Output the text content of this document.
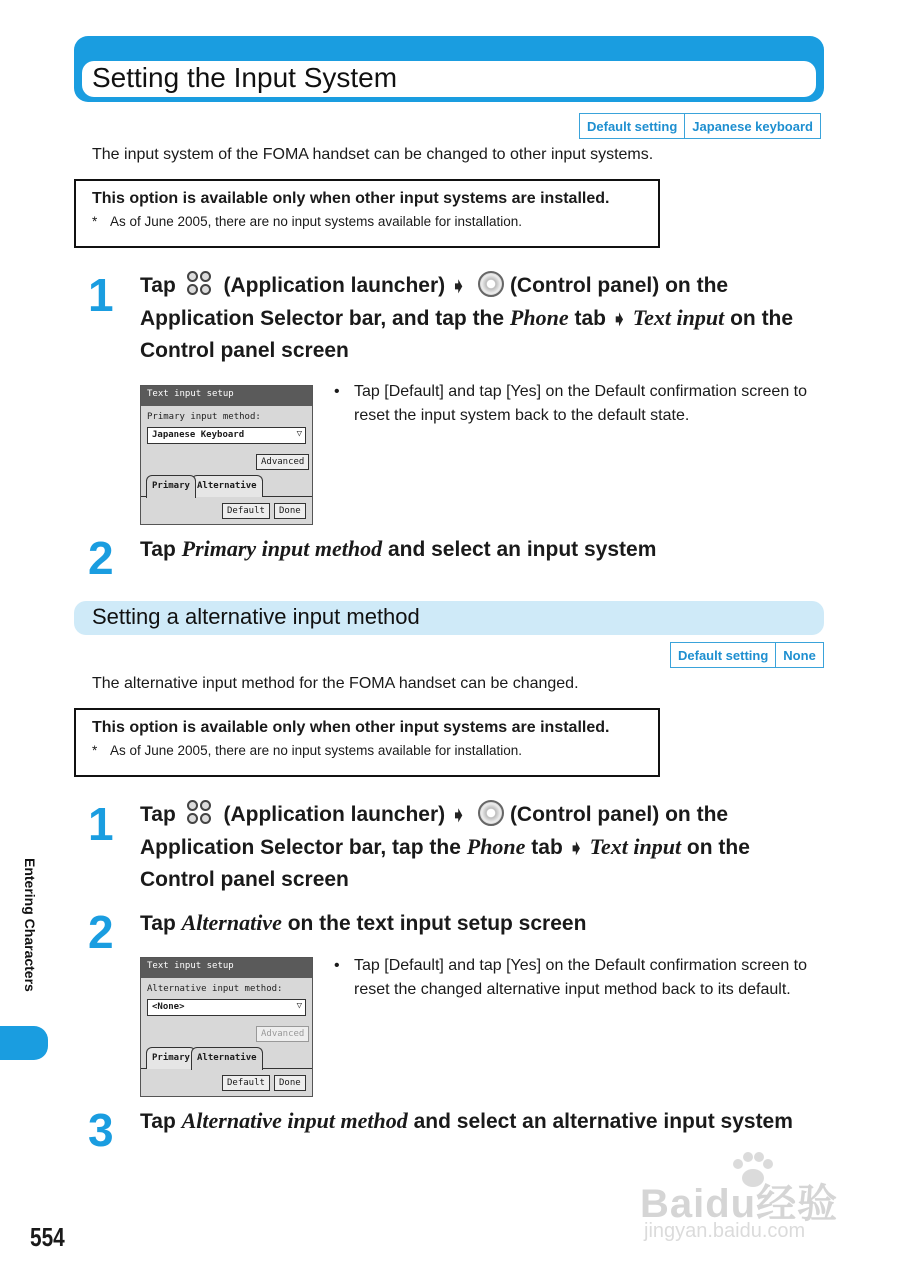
Setting the Input System
Default setting	Japanese keyboard
The input system of the FOMA handset can be changed to other input systems.
This option is available only when other input systems are installed.
* As of June 2005, there are no input systems available for installation.
1 Tap (Application launcher) ➧ (Control panel) on the Application Selector bar, and tap the Phone tab ➧ Text input on the Control panel screen
Text input setup
Primary input method:
Japanese Keyboard	▽
Advanced
Primary Alternative
Default	Done
• Tap [Default] and tap [Yes] on the Default confirmation screen to reset the input system back to the default state.
2 Tap Primary input method and select an input system
Setting a alternative input method
Default setting	None
The alternative input method for the FOMA handset can be changed.
This option is available only when other input systems are installed.
* As of June 2005, there are no input systems available for installation.
1 Tap (Application launcher) ➧ (Control panel) on the Application Selector bar, tap the Phone tab ➧ Text input on the Control panel screen
2 Tap Alternative on the text input setup screen
Text input setup
Alternative input method:
<None>	▽
Advanced
Primary Alternative
Default	Done
• Tap [Default] and tap [Yes] on the Default confirmation screen to reset the changed alternative input method back to its default.
3 Tap Alternative input method and select an alternative input system
Entering Characters
554
Baidu经验
jingyan.baidu.com
